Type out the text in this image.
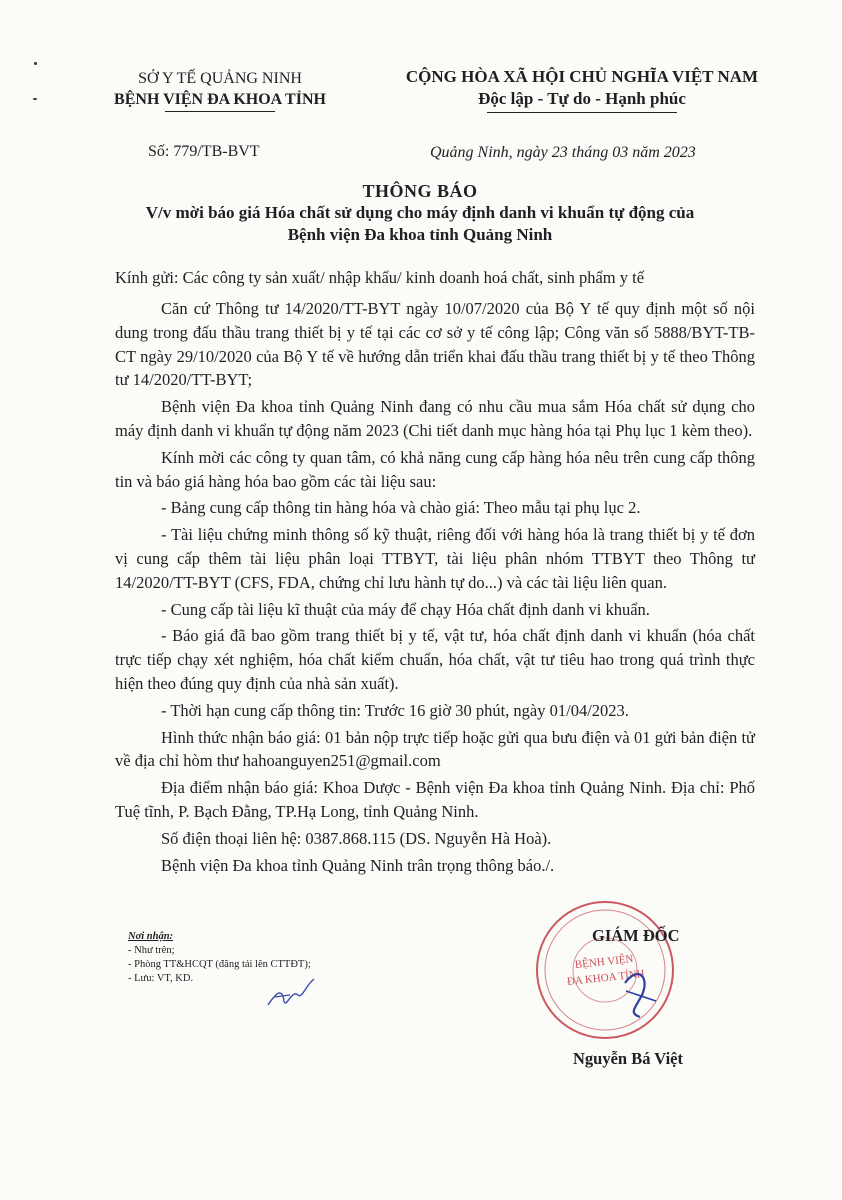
SỞ Y TẾ QUẢNG NINH
BỆNH VIỆN ĐA KHOA TỈNH
CỘNG HÒA XÃ HỘI CHỦ NGHĨA VIỆT NAM
Độc lập - Tự do - Hạnh phúc
Số: 779/TB-BVT	Quảng Ninh, ngày 23 tháng 03 năm 2023
THÔNG BÁO
V/v mời báo giá Hóa chất sử dụng cho máy định danh vi khuẩn tự động của
Bệnh viện Đa khoa tỉnh Quảng Ninh
Kính gửi: Các công ty sản xuất/ nhập khẩu/ kinh doanh hoá chất, sinh phẩm y tế

Căn cứ Thông tư 14/2020/TT-BYT ngày 10/07/2020 của Bộ Y tế quy định một số nội dung trong đấu thầu trang thiết bị y tế tại các cơ sở y tế công lập; Công văn số 5888/BYT-TB-CT ngày 29/10/2020 của Bộ Y tế về hướng dẫn triển khai đấu thầu trang thiết bị y tế theo Thông tư 14/2020/TT-BYT;

Bệnh viện Đa khoa tỉnh Quảng Ninh đang có nhu cầu mua sắm Hóa chất sử dụng cho máy định danh vi khuẩn tự động năm 2023 (Chi tiết danh mục hàng hóa tại Phụ lục 1 kèm theo).

Kính mời các công ty quan tâm, có khả năng cung cấp hàng hóa nêu trên cung cấp thông tin và báo giá hàng hóa bao gồm các tài liệu sau:

- Bảng cung cấp thông tin hàng hóa và chào giá: Theo mẫu tại phụ lục 2.

- Tài liệu chứng minh thông số kỹ thuật, riêng đối với hàng hóa là trang thiết bị y tế đơn vị cung cấp thêm tài liệu phân loại TTBYT, tài liệu phân nhóm TTBYT theo Thông tư 14/2020/TT-BYT (CFS, FDA, chứng chỉ lưu hành tự do...) và các tài liệu liên quan.

- Cung cấp tài liệu kĩ thuật của máy để chạy Hóa chất định danh vi khuẩn.

- Báo giá đã bao gồm trang thiết bị y tế, vật tư, hóa chất định danh vi khuẩn (hóa chất trực tiếp chạy xét nghiệm, hóa chất kiểm chuẩn, hóa chất, vật tư tiêu hao trong quá trình thực hiện theo đúng quy định của nhà sản xuất).

- Thời hạn cung cấp thông tin: Trước 16 giờ 30 phút, ngày 01/04/2023.

Hình thức nhận báo giá: 01 bản nộp trực tiếp hoặc gửi qua bưu điện và 01 gửi bản điện tử về địa chỉ hòm thư hahoanguyen251@gmail.com

Địa điểm nhận báo giá: Khoa Dược - Bệnh viện Đa khoa tỉnh Quảng Ninh. Địa chỉ: Phố Tuệ tĩnh, P. Bạch Đằng, TP.Hạ Long, tỉnh Quảng Ninh.

Số điện thoại liên hệ: 0387.868.115 (DS. Nguyễn Hà Hoà).

Bệnh viện Đa khoa tỉnh Quảng Ninh trân trọng thông báo./.

Nơi nhận:
- Như trên;
- Phòng TT&HCQT (đăng tải lên CTTĐT);
- Lưu: VT, KD.
BỆNH VIỆN
ĐA KHOA TỈNH
GIÁM ĐỐC
Nguyễn Bá Việt
